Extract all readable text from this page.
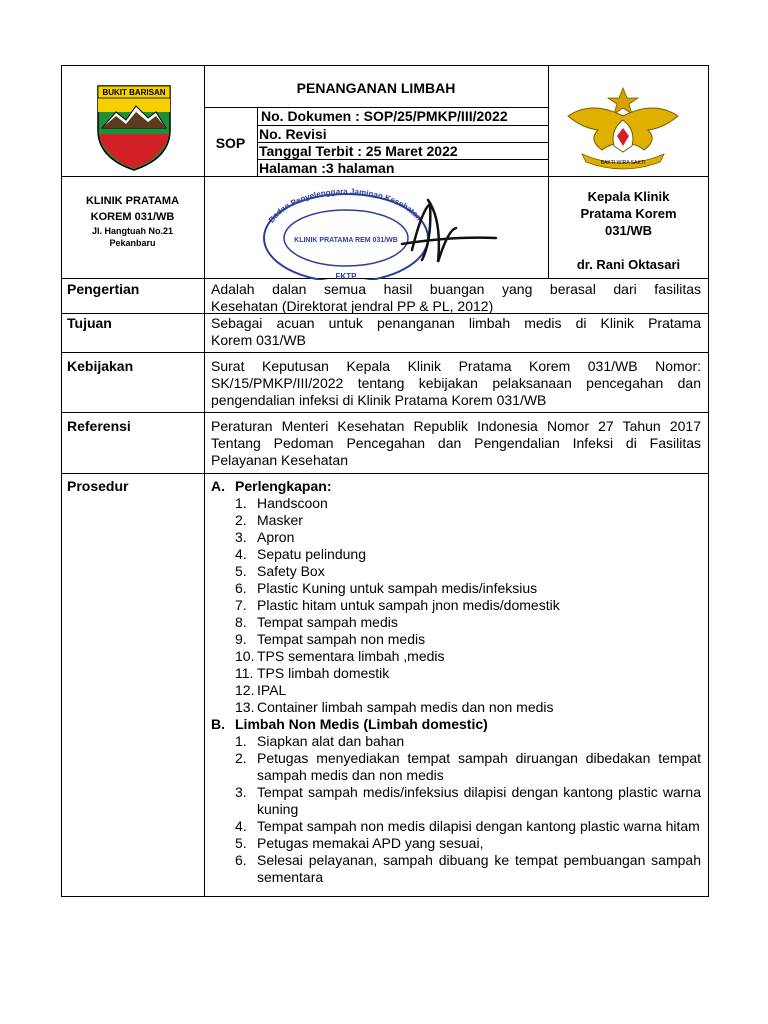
BUKIT BARISAN
BAKTI WIRA SAKTI
PENANGANAN LIMBAH
SOP
No. Dokumen : SOP/25/PMKP/III/2022
No. Revisi
Tanggal Terbit : 25 Maret 2022
Halaman :3 halaman
KLINIK PRATAMA
KOREM 031/WB
Jl. Hangtuah No.21
Pekanbaru
Badan Penyelenggara Jaminan Kesehatan
KLINIK PRATAMA REM 031/WB
FKTP
Kepala Klinik
Pratama Korem
031/WB
dr. Rani Oktasari
Pengertian
Tujuan
Kebijakan
Referensi
Prosedur
Adalah dalan semua hasil buangan yang berasal dari fasilitas
Kesehatan (Direktorat jendral PP & PL, 2012)
Sebagai acuan untuk penanganan limbah medis di Klinik Pratama
Korem 031/WB
Surat Keputusan Kepala Klinik Pratama Korem 031/WB Nomor:
SK/15/PMKP/III/2022 tentang kebijakan pelaksanaan pencegahan dan
pengendalian infeksi di Klinik Pratama Korem 031/WB
Peraturan Menteri Kesehatan Republik Indonesia Nomor 27 Tahun 2017
Tentang Pedoman Pencegahan dan Pengendalian Infeksi di Fasilitas
Pelayanan Kesehatan
A. Perlengkapan:
1. Handscoon
2. Masker
3. Apron
4. Sepatu pelindung
5. Safety Box
6. Plastic Kuning untuk sampah medis/infeksius
7. Plastic hitam untuk sampah jnon medis/domestik
8. Tempat sampah medis
9. Tempat sampah non medis
10. TPS sementara limbah ,medis
11. TPS limbah domestik
12. IPAL
13. Container limbah sampah medis dan non medis
B. Limbah Non Medis (Limbah domestic)
1. Siapkan alat dan bahan
2. Petugas menyediakan tempat sampah diruangan dibedakan tempat sampah medis dan non medis
3. Tempat sampah medis/infeksius dilapisi dengan kantong plastic warna kuning
4. Tempat sampah non medis dilapisi dengan kantong plastic warna hitam
5. Petugas memakai APD yang sesuai,
6. Selesai pelayanan, sampah dibuang ke tempat pembuangan sampah sementara
